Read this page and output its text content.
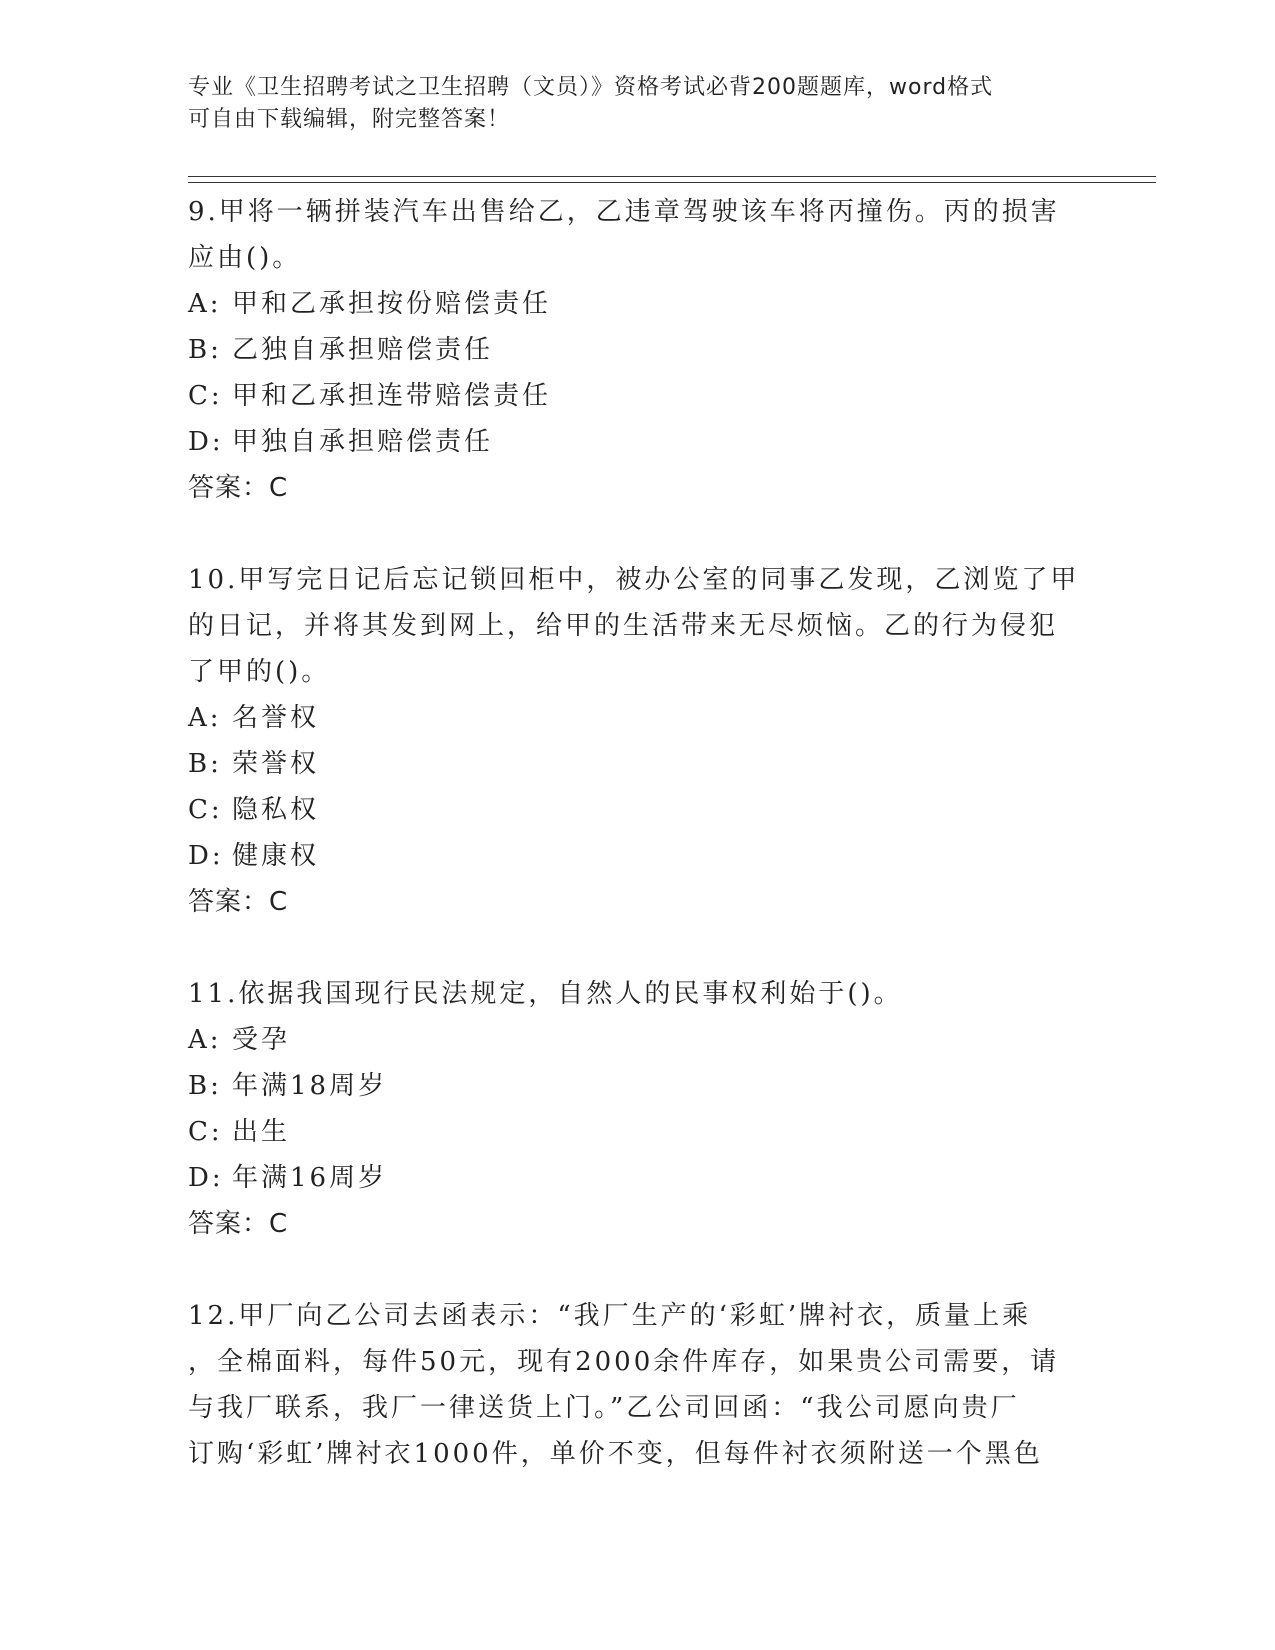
专业《卫生招聘考试之卫生招聘（文员）》资格考试必背200题题库，word格式
可自由下载编辑，附完整答案！
9.甲将一辆拼装汽车出售给乙，乙违章驾驶该车将丙撞伤。丙的损害
应由()。
A: 甲和乙承担按份赔偿责任
B: 乙独自承担赔偿责任
C: 甲和乙承担连带赔偿责任
D: 甲独自承担赔偿责任
答案：C
10.甲写完日记后忘记锁回柜中，被办公室的同事乙发现，乙浏览了甲
的日记，并将其发到网上，给甲的生活带来无尽烦恼。乙的行为侵犯
了甲的()。
A: 名誉权
B: 荣誉权
C: 隐私权
D: 健康权
答案：C
11.依据我国现行民法规定，自然人的民事权利始于()。
A: 受孕
B: 年满18周岁
C: 出生
D: 年满16周岁
答案：C
12.甲厂向乙公司去函表示：“我厂生产的‘彩虹’牌衬衣，质量上乘
，全棉面料，每件50元，现有2000余件库存，如果贵公司需要，请
与我厂联系，我厂一律送货上门。”乙公司回函：“我公司愿向贵厂
订购‘彩虹’牌衬衣1000件，单价不变，但每件衬衣须附送一个黑色
